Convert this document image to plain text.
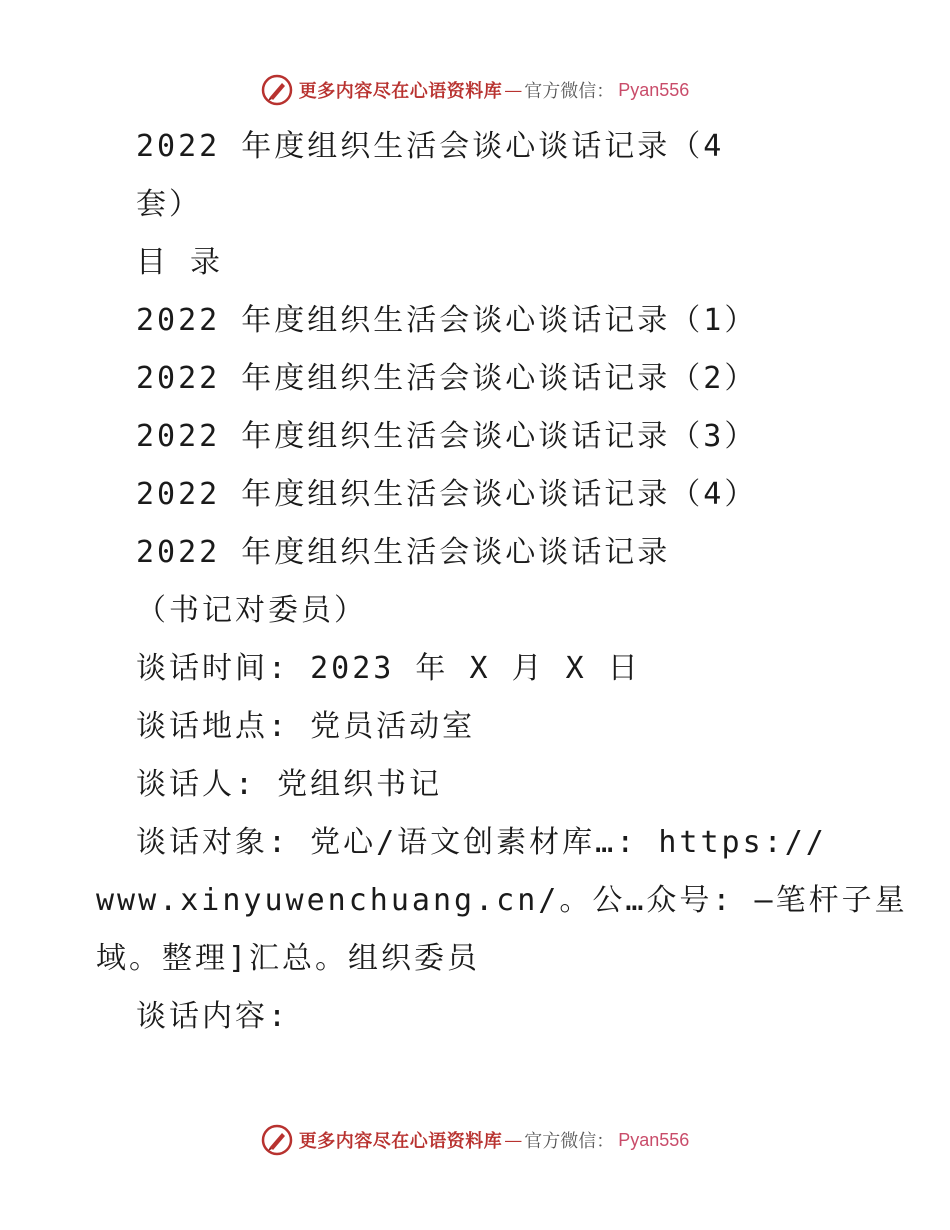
更多内容尽在心语资料库 — 官方微信： Pyan556
2022 年度组织生活会谈心谈话记录（4
套）
目 录
2022 年度组织生活会谈心谈话记录（1）
2022 年度组织生活会谈心谈话记录（2）
2022 年度组织生活会谈心谈话记录（3）
2022 年度组织生活会谈心谈话记录（4）
2022 年度组织生活会谈心谈话记录
（书记对委员）
谈话时间: 2023 年 X 月 X 日
谈话地点: 党员活动室
谈话人: 党组织书记
谈话对象: 党心/语文创素材库…: https://
www.xinyuwenchuang.cn/。公…众号: —笔杆子星
域。整理]汇总。组织委员
谈话内容:
更多内容尽在心语资料库 — 官方微信： Pyan556
